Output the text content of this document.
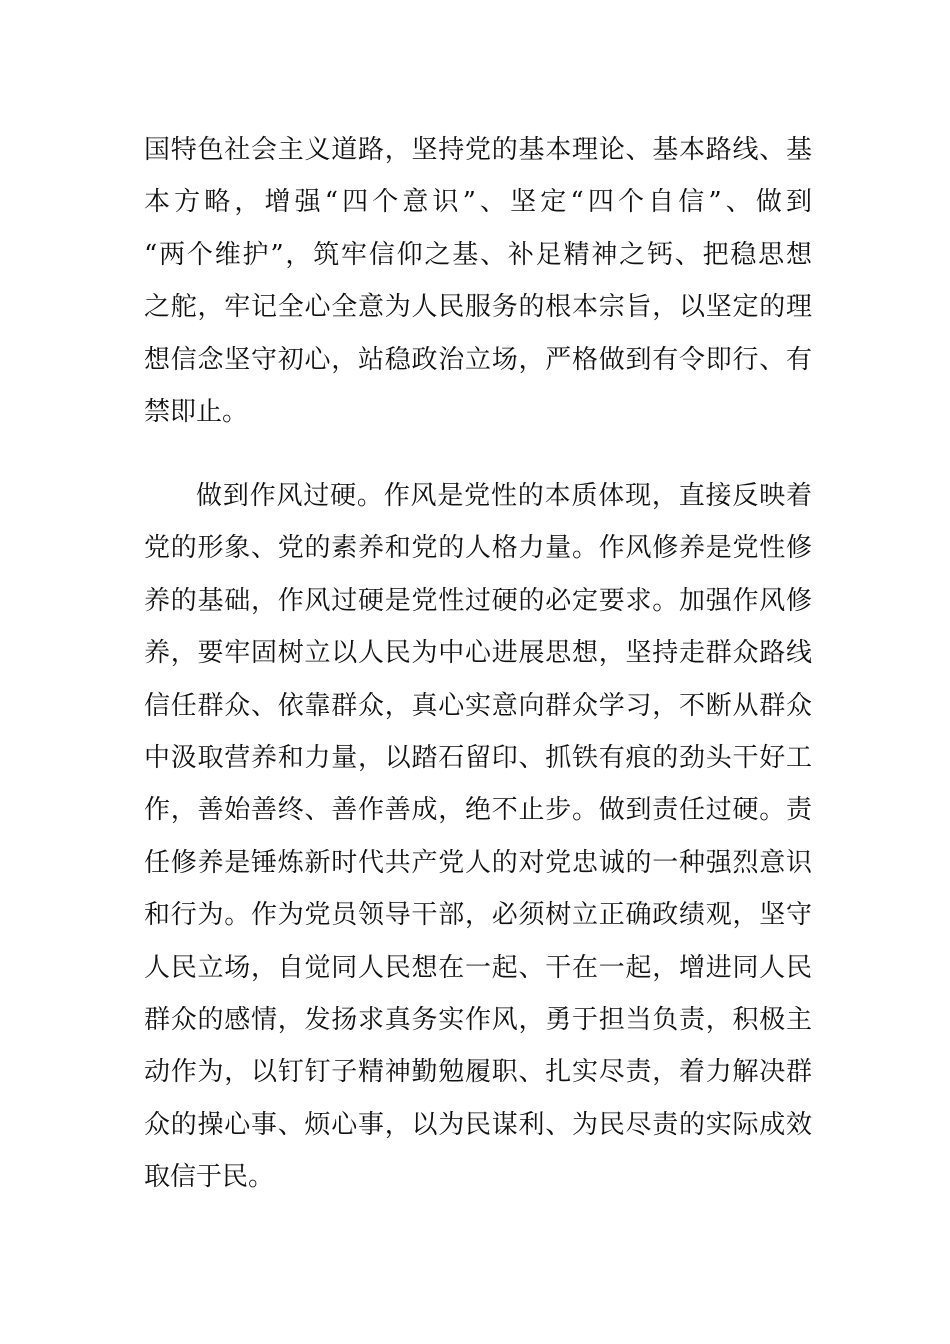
国特色社会主义道路，坚持党的基本理论、基本路线、基
本方略，增强“四个意识”、坚定“四个自信”、做到
“两个维护”，筑牢信仰之基、补足精神之钙、把稳思想
之舵，牢记全心全意为人民服务的根本宗旨，以坚定的理
想信念坚守初心，站稳政治立场，严格做到有令即行、有
禁即止。
做到作风过硬。作风是党性的本质体现，直接反映着
党的形象、党的素养和党的人格力量。作风修养是党性修
养的基础，作风过硬是党性过硬的必定要求。加强作风修
养，要牢固树立以人民为中心进展思想，坚持走群众路线
信任群众、依靠群众，真心实意向群众学习，不断从群众
中汲取营养和力量，以踏石留印、抓铁有痕的劲头干好工
作，善始善终、善作善成，绝不止步。做到责任过硬。责
任修养是锤炼新时代共产党人的对党忠诚的一种强烈意识
和行为。作为党员领导干部，必须树立正确政绩观，坚守
人民立场，自觉同人民想在一起、干在一起，增进同人民
群众的感情，发扬求真务实作风，勇于担当负责，积极主
动作为，以钉钉子精神勤勉履职、扎实尽责，着力解决群
众的操心事、烦心事，以为民谋利、为民尽责的实际成效
取信于民。
